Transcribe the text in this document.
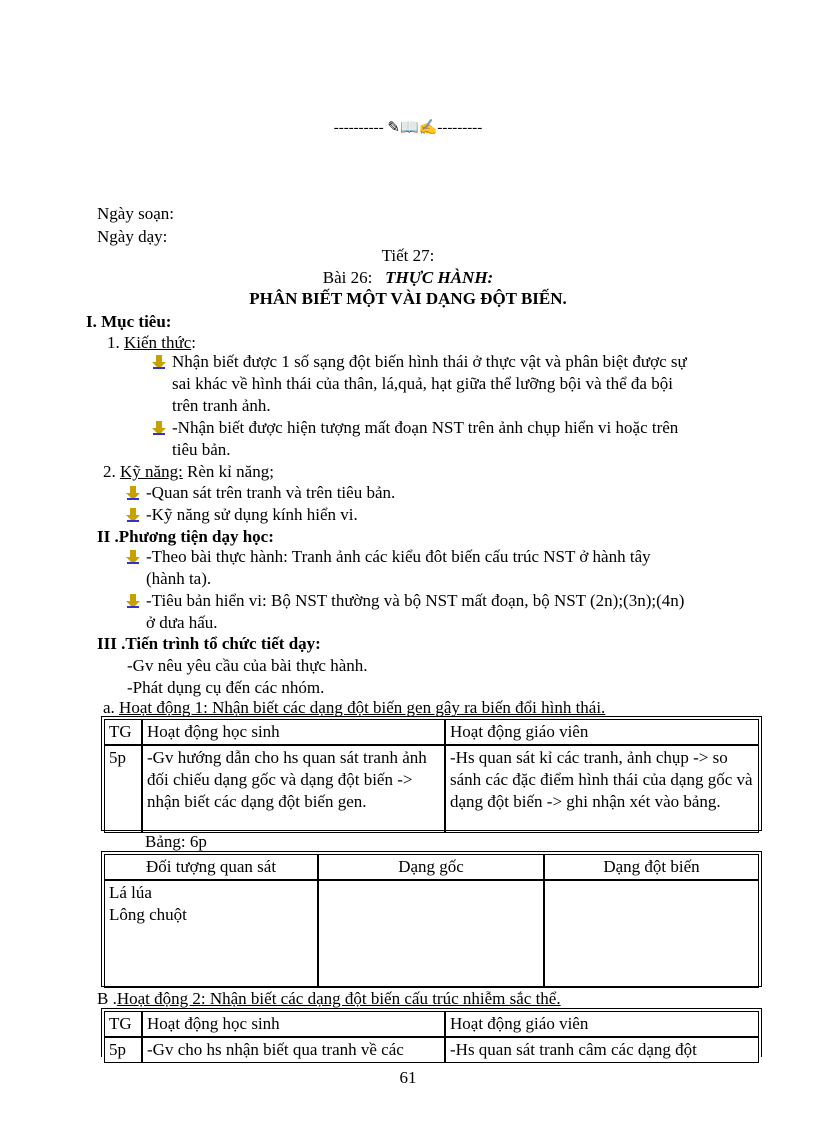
---------- ✎📖✍---------
Ngày soạn:
Ngày dạy:
Tiết 27:
Bài 26: THỰC HÀNH:
PHÂN BIẾT MỘT VÀI DẠNG ĐỘT BIẾN.
I. Mục tiêu:
1. Kiến thức:
Nhận biết được 1 số sạng đột biến hình thái ở thực vật và phân biệt được sự
sai khác về hình thái của thân, lá,quả, hạt giữa thể lưỡng bội và thể đa bội
trên tranh ảnh.
-Nhận biết được hiện tượng mất đoạn NST trên ảnh chụp hiển vi hoặc trên
tiêu bản.
2. Kỹ năng: Rèn kỉ năng;
-Quan sát trên tranh và trên tiêu bản.
-Kỹ năng sử dụng kính hiển vi.
II .Phương tiện dạy học:
-Theo bài thực hành: Tranh ảnh các kiểu đôt biến cấu trúc NST ở hành tây
(hành ta).
-Tiêu bản hiển vi: Bộ NST thường và bộ NST mất đoạn, bộ NST (2n);(3n);(4n)
ở dưa hấu.
III .Tiến trình tổ chức tiết dạy:
-Gv nêu yêu cầu của bài thực hành.
-Phát dụng cụ đến các nhóm.
a. Hoạt động 1: Nhận biết các dạng đột biến gen gây ra biến đổi hình thái.
TG	Hoạt động học sinh	Hoạt động giáo viên
5p	-Gv hướng dẫn cho hs quan sát tranh ảnh đối chiếu dạng gốc và dạng đột biến -> nhận biết các dạng đột biến gen.	-Hs quan sát kỉ các tranh, ảnh chụp -> so sánh các đặc điểm hình thái của dạng gốc và dạng đột biến -> ghi nhận xét vào bảng.
Bảng: 6p
Đối tượng quan sát	Dạng gốc	Dạng đột biến

Lá lúa
Lông chuột		

B .Hoạt động 2: Nhận biết các dạng đột biến cấu trúc nhiễm sắc thể.
TG	Hoạt động học sinh	Hoạt động giáo viên
5p	-Gv cho hs nhận biết qua tranh về các	-Hs quan sát tranh câm các dạng đột
61
